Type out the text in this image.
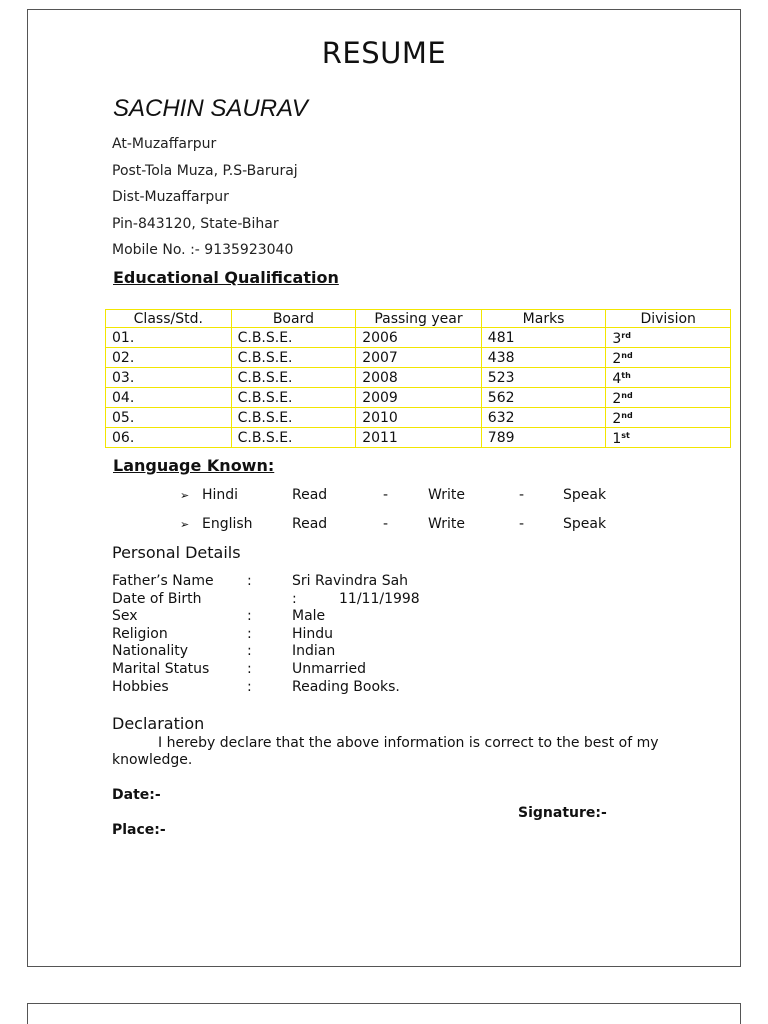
RESUME
SACHIN SAURAV
At-Muzaffarpur
Post-Tola Muza, P.S-Baruraj
Dist-Muzaffarpur
Pin-843120, State-Bihar
Mobile No. :- 9135923040
Educational Qualification
Class/Std.	Board	Passing year	Marks	Division
01.	C.B.S.E.	2006	481	3rd
02.	C.B.S.E.	2007	438	2nd
03.	C.B.S.E.	2008	523	4th
04.	C.B.S.E.	2009	562	2nd
05.	C.B.S.E.	2010	632	2nd
06.	C.B.S.E.	2011	789	1st
Language Known:
➢ Hindi	Read	-	Write	-	Speak
➢ English	Read	-	Write	-	Speak
Personal Details
Father’s Name :	Sri Ravindra Sah
Date of Birth	:	11/11/1998
Sex	:	Male
Religion	:	Hindu
Nationality	:	Indian
Marital Status	:	Unmarried
Hobbies	:	Reading Books.
Declaration
I hereby declare that the above information is correct to the best of my knowledge.
Date:-
Signature:-
Place:-
